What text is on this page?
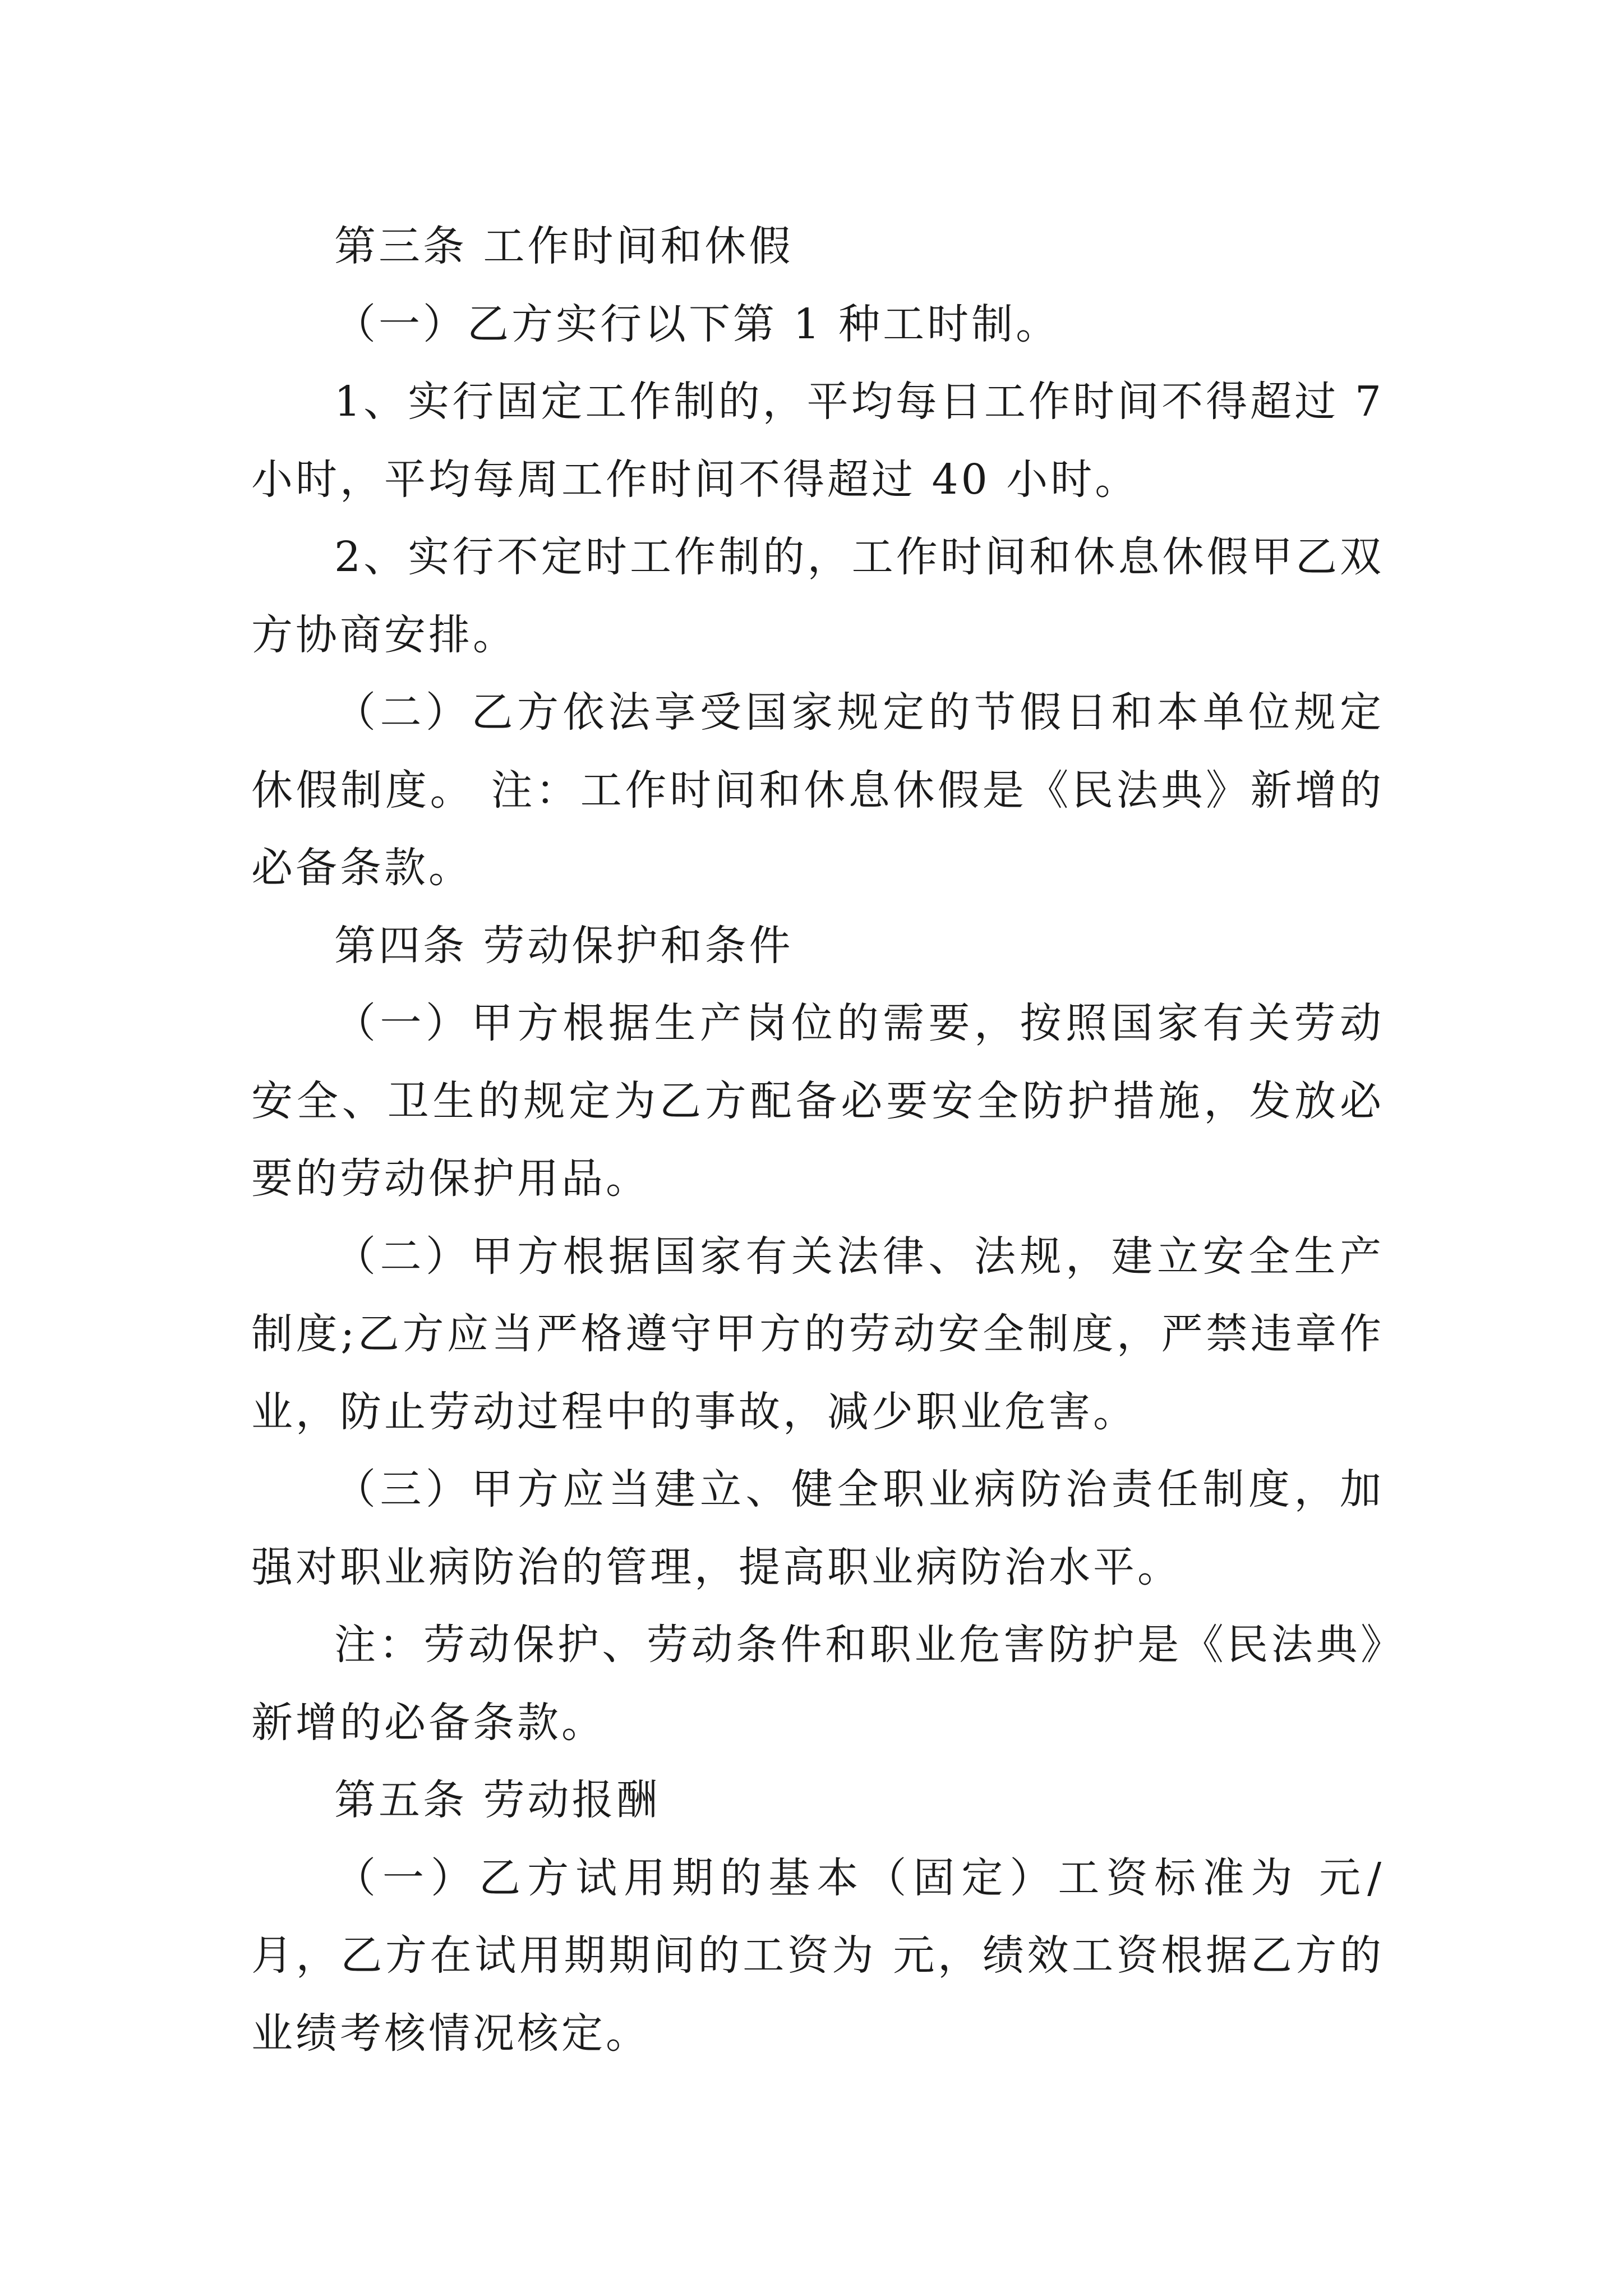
第三条 工作时间和休假

（一）乙方实行以下第 1 种工时制。

1、实行固定工作制的，平均每日工作时间不得超过 7 小时，平均每周工作时间不得超过 40 小时。

2、实行不定时工作制的，工作时间和休息休假甲乙双方协商安排。

（二）乙方依法享受国家规定的节假日和本单位规定休假制度。 注：工作时间和休息休假是《民法典》新增的必备条款。

第四条 劳动保护和条件

（一）甲方根据生产岗位的需要，按照国家有关劳动安全、卫生的规定为乙方配备必要安全防护措施，发放必要的劳动保护用品。

（二）甲方根据国家有关法律、法规，建立安全生产制度;乙方应当严格遵守甲方的劳动安全制度，严禁违章作业，防止劳动过程中的事故，减少职业危害。

（三）甲方应当建立、健全职业病防治责任制度，加强对职业病防治的管理，提高职业病防治水平。

注：劳动保护、劳动条件和职业危害防护是《民法典》新增的必备条款。

第五条 劳动报酬

（一）乙方试用期的基本（固定）工资标准为 元/月，乙方在试用期期间的工资为 元，绩效工资根据乙方的业绩考核情况核定。
